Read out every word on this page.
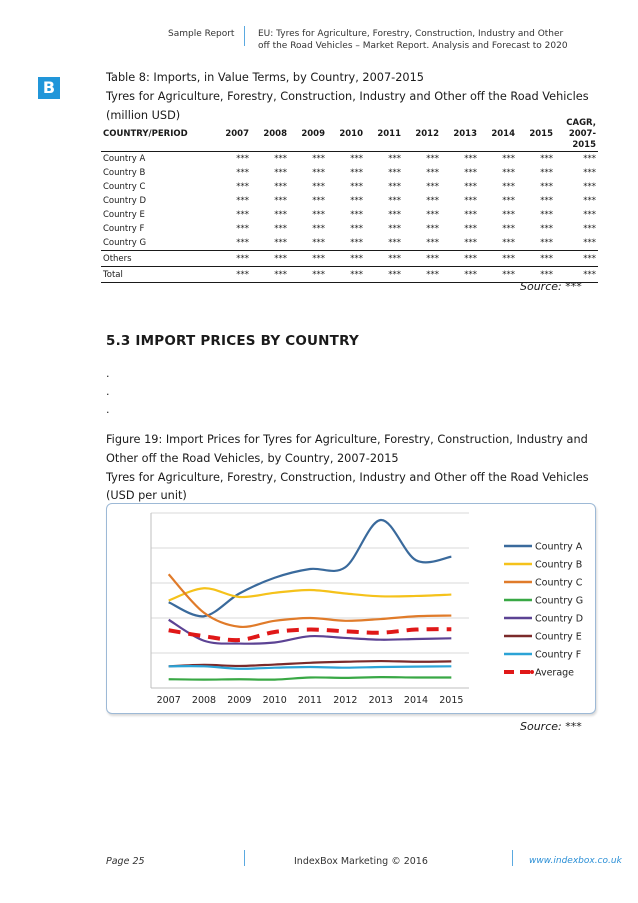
Sample Report	EU: Tyres for Agriculture, Forestry, Construction, Industry and Other
off the Road Vehicles – Market Report. Analysis and Forecast to 2020
B
Table 8: Imports, in Value Terms, by Country, 2007-2015
Tyres for Agriculture, Forestry, Construction, Industry and Other off the Road Vehicles
(million USD)
COUNTRY/PERIOD	2007	2008	2009	2010	2011	2012	2013	2014	2015	CAGR,
2007-
2015

Country A	***	***	***	***	***	***	***	***	***	***
Country B	***	***	***	***	***	***	***	***	***	***
Country C	***	***	***	***	***	***	***	***	***	***
Country D	***	***	***	***	***	***	***	***	***	***
Country E	***	***	***	***	***	***	***	***	***	***
Country F	***	***	***	***	***	***	***	***	***	***
Country G	***	***	***	***	***	***	***	***	***	***
Others	***	***	***	***	***	***	***	***	***	***
Total	***	***	***	***	***	***	***	***	***	***
Source: ***
5.3 IMPORT PRICES BY COUNTRY
.
.
.
Figure 19: Import Prices for Tyres for Agriculture, Forestry, Construction, Industry and
Other off the Road Vehicles, by Country, 2007-2015
Tyres for Agriculture, Forestry, Construction, Industry and Other off the Road Vehicles
(USD per unit)
2007 2008 2009 2010 2011 2012 2013 2014 2015
Country A
Country B
Country C
Country G
Country D
Country E
Country F
Average
Source: ***
Page 25	IndexBox Marketing © 2016	www.indexbox.co.uk
